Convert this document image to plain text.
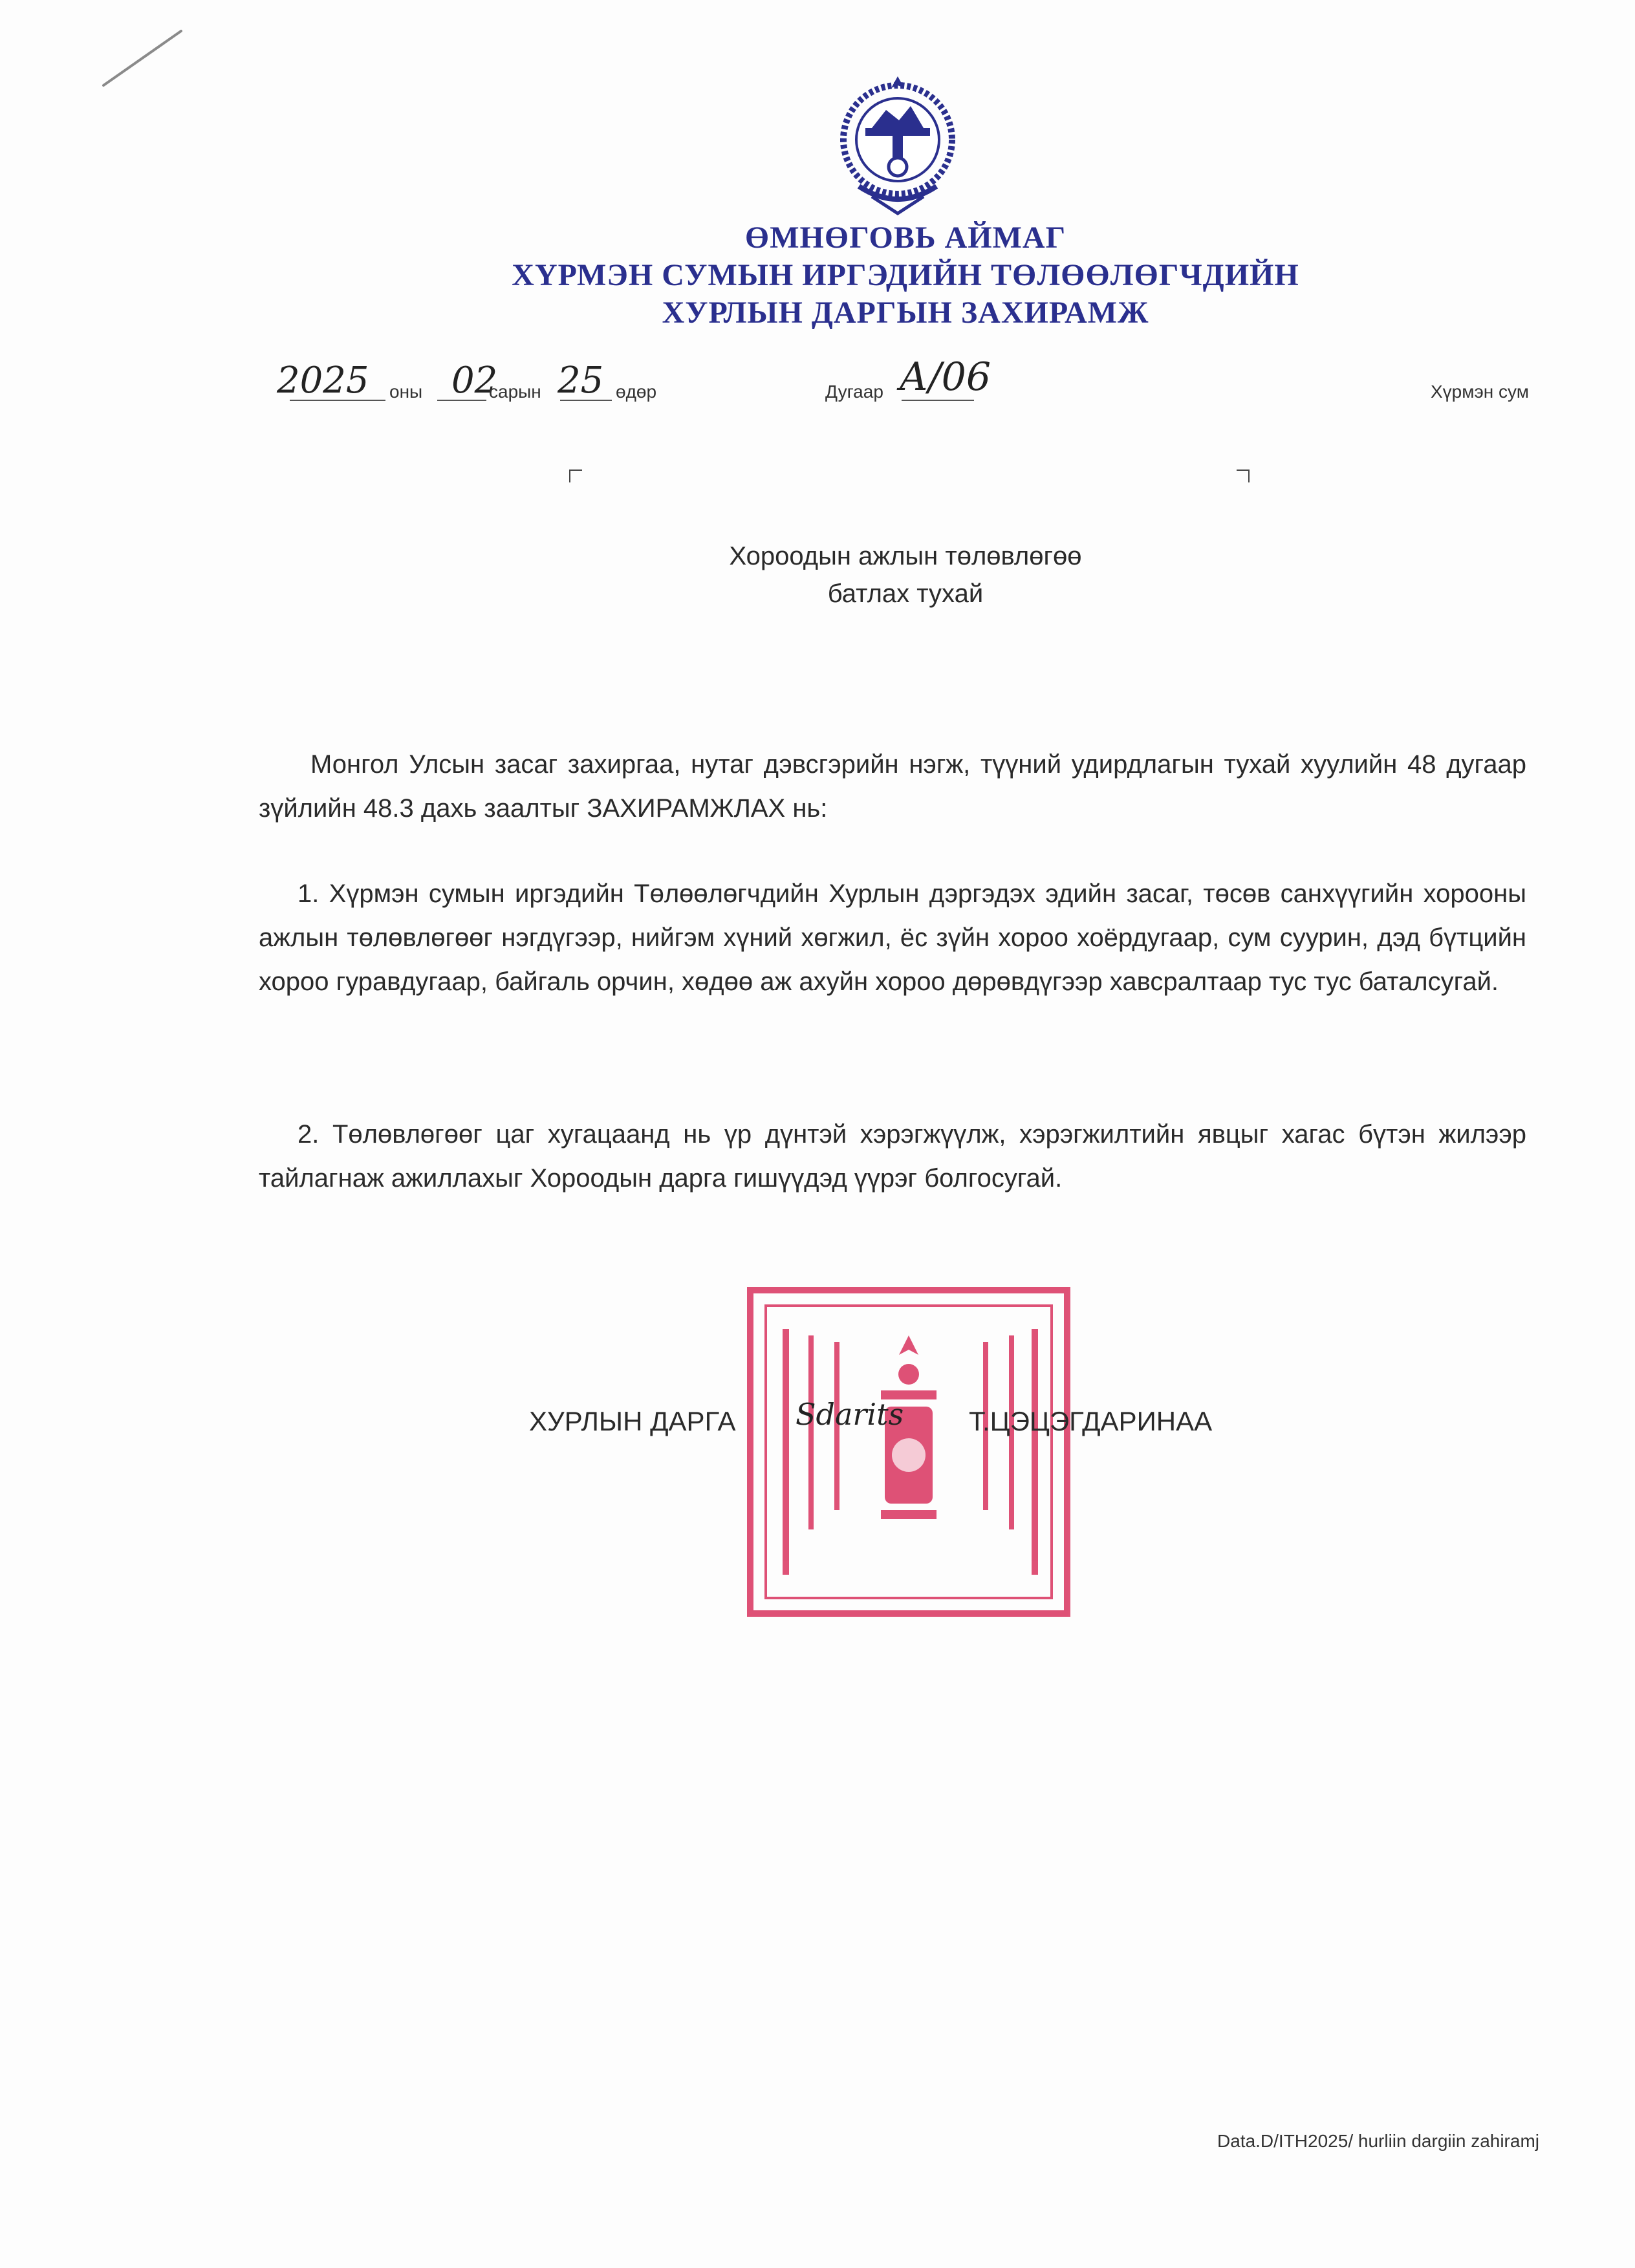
ӨМНӨГОВЬ АЙМАГ
ХҮРМЭН СУМЫН ИРГЭДИЙН ТӨЛӨӨЛӨГЧДИЙН
ХУРЛЫН ДАРГЫН ЗАХИРАМЖ
2025 оны 02
сарын 25 өдөр	Дугаар А/06	Хүрмэн сум
Хороодын ажлын төлөвлөгөө
батлах тухай
Монгол Улсын засаг захиргаа, нутаг дэвсгэрийн нэгж, түүний удирдлагын тухай хуулийн 48 дугаар зүйлийн 48.3 дахь заалтыг ЗАХИРАМЖЛАХ нь:
1. Хүрмэн сумын иргэдийн Төлөөлөгчдийн Хурлын дэргэдэх эдийн засаг, төсөв санхүүгийн хорооны ажлын төлөвлөгөөг нэгдүгээр, нийгэм хүний хөгжил, ёс зүйн хороо хоёрдугаар, сум суурин, дэд бүтцийн хороо гуравдугаар, байгаль орчин, хөдөө аж ахуйн хороо дөрөвдүгээр хавсралтаар тус тус баталсугай.
2. Төлөвлөгөөг цаг хугацаанд нь үр дүнтэй хэрэгжүүлж, хэрэгжилтийн явцыг хагас бүтэн жилээр тайлагнаж ажиллахыг Хороодын дарга гишүүдэд үүрэг болгосугай.
ХУРЛЫН ДАРГА Sdarits Т.ЦЭЦЭГДАРИНАА
Data.D/ITH2025/ hurliin dargiin zahiramj
